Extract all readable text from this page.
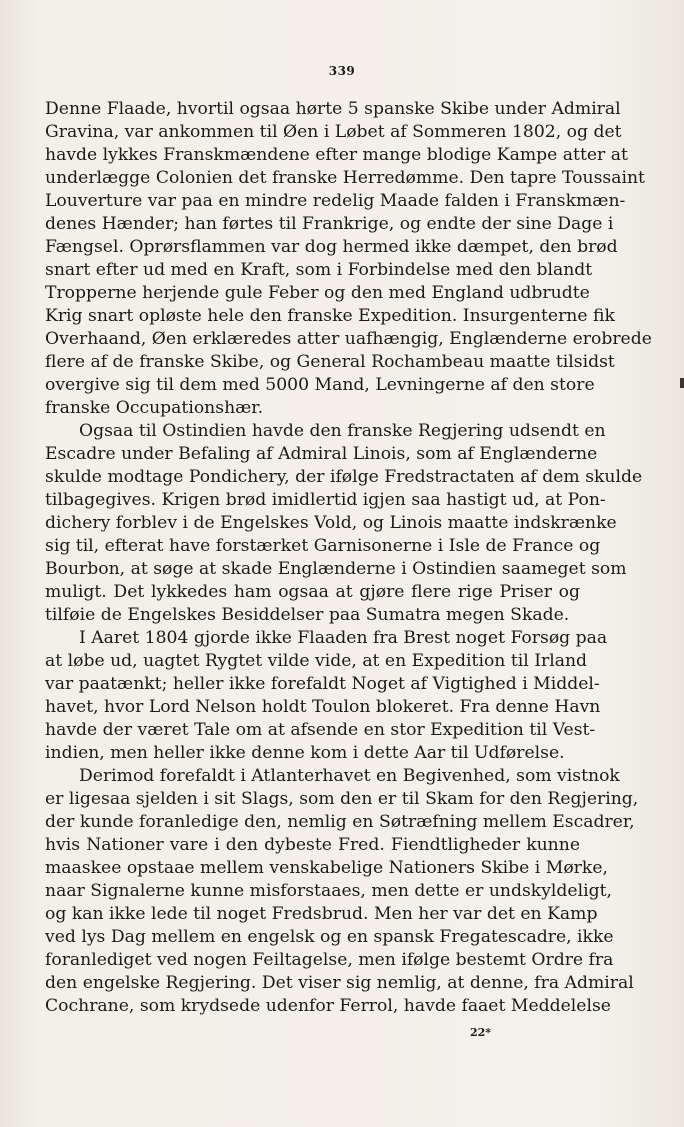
339
Denne Flaade, hvortil ogsaa hørte 5 spanske Skibe under Admiral
Gravina, var ankommen til Øen i Løbet af Sommeren 1802, og det
havde lykkes Franskmændene efter mange blodige Kampe atter at
underlægge Colonien det franske Herredømme. Den tapre Toussaint
Louverture var paa en mindre redelig Maade falden i Franskmæn-
denes Hænder; han førtes til Frankrige, og endte der sine Dage i
Fængsel. Oprørsflammen var dog hermed ikke dæmpet, den brød
snart efter ud med en Kraft, som i Forbindelse med den blandt
Tropperne herjende gule Feber og den med England udbrudte
Krig snart opløste hele den franske Expedition. Insurgenterne fik
Overhaand, Øen erklæredes atter uafhængig, Englænderne erobrede
flere af de franske Skibe, og General Rochambeau maatte tilsidst
overgive sig til dem med 5000 Mand, Levningerne af den store
franske Occupationshær.
Ogsaa til Ostindien havde den franske Regjering udsendt en
Escadre under Befaling af Admiral Linois, som af Englænderne
skulde modtage Pondichery, der ifølge Fredstractaten af dem skulde
tilbagegives. Krigen brød imidlertid igjen saa hastigt ud, at Pon-
dichery forblev i de Engelskes Vold, og Linois maatte indskrænke
sig til, efterat have forstærket Garnisonerne i Isle de France og
Bourbon, at søge at skade Englænderne i Ostindien saameget som
muligt. Det lykkedes ham ogsaa at gjøre flere rige Priser og
tilføie de Engelskes Besiddelser paa Sumatra megen Skade.
I Aaret 1804 gjorde ikke Flaaden fra Brest noget Forsøg paa
at løbe ud, uagtet Rygtet vilde vide, at en Expedition til Irland
var paatænkt; heller ikke forefaldt Noget af Vigtighed i Middel-
havet, hvor Lord Nelson holdt Toulon blokeret. Fra denne Havn
havde der været Tale om at afsende en stor Expedition til Vest-
indien, men heller ikke denne kom i dette Aar til Udførelse.
Derimod forefaldt i Atlanterhavet en Begivenhed, som vistnok
er ligesaa sjelden i sit Slags, som den er til Skam for den Regjering,
der kunde foranledige den, nemlig en Søtræfning mellem Escadrer,
hvis Nationer vare i den dybeste Fred. Fiendtligheder kunne
maaskee opstaae mellem venskabelige Nationers Skibe i Mørke,
naar Signalerne kunne misforstaaes, men dette er undskyldeligt,
og kan ikke lede til noget Fredsbrud. Men her var det en Kamp
ved lys Dag mellem en engelsk og en spansk Fregatescadre, ikke
foranlediget ved nogen Feiltagelse, men ifølge bestemt Ordre fra
den engelske Regjering. Det viser sig nemlig, at denne, fra Admiral
Cochrane, som krydsede udenfor Ferrol, havde faaet Meddelelse
22*
